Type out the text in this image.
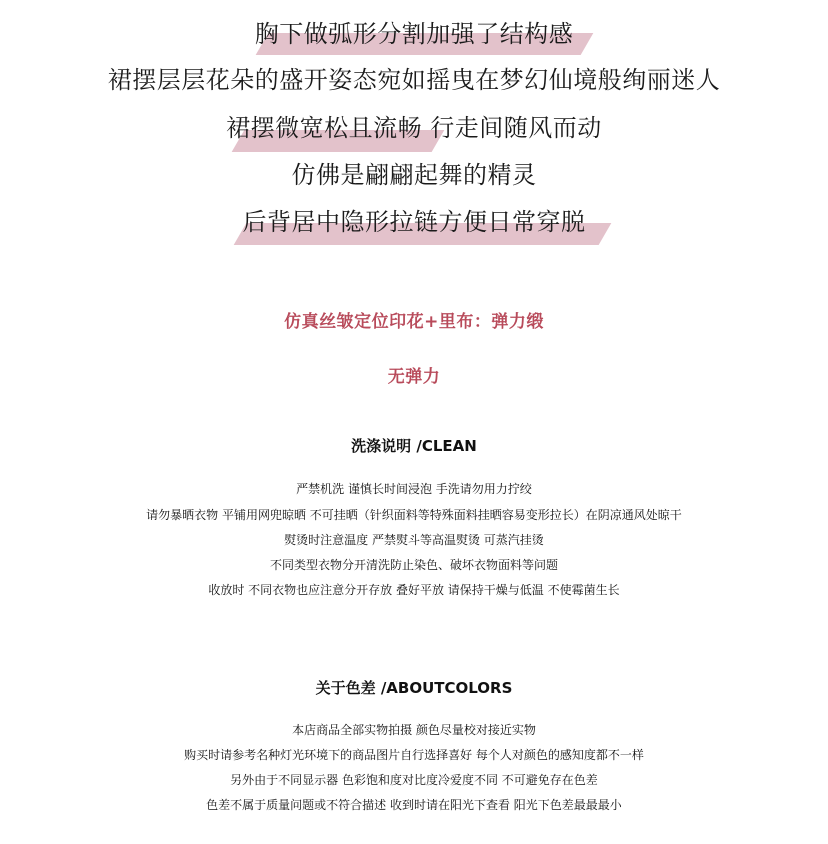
胸下做弧形分割加强了结构感
裙摆层层花朵的盛开姿态宛如摇曳在梦幻仙境般绚丽迷人
裙摆微宽松且流畅 行走间随风而动
仿佛是翩翩起舞的精灵
后背居中隐形拉链方便日常穿脱
仿真丝皱定位印花+里布：弹力缎
无弹力
洗涤说明 /CLEAN
严禁机洗 谨慎长时间浸泡 手洗请勿用力拧绞
请勿暴晒衣物 平铺用网兜晾晒 不可挂晒（针织面料等特殊面料挂晒容易变形拉长）在阴凉通风处晾干
熨烫时注意温度 严禁熨斗等高温熨烫 可蒸汽挂烫
不同类型衣物分开清洗防止染色、破坏衣物面料等问题
收放时 不同衣物也应注意分开存放 叠好平放 请保持干燥与低温 不使霉菌生长
关于色差 /ABOUTCOLORS
本店商品全部实物拍摄 颜色尽量校对接近实物
购买时请参考名种灯光环境下的商品图片自行选择喜好 每个人对颜色的感知度都不一样
另外由于不同显示器 色彩饱和度对比度冷爱度不同 不可避免存在色差
色差不属于质量问题或不符合描述 收到时请在阳光下查看 阳光下色差最最最小
